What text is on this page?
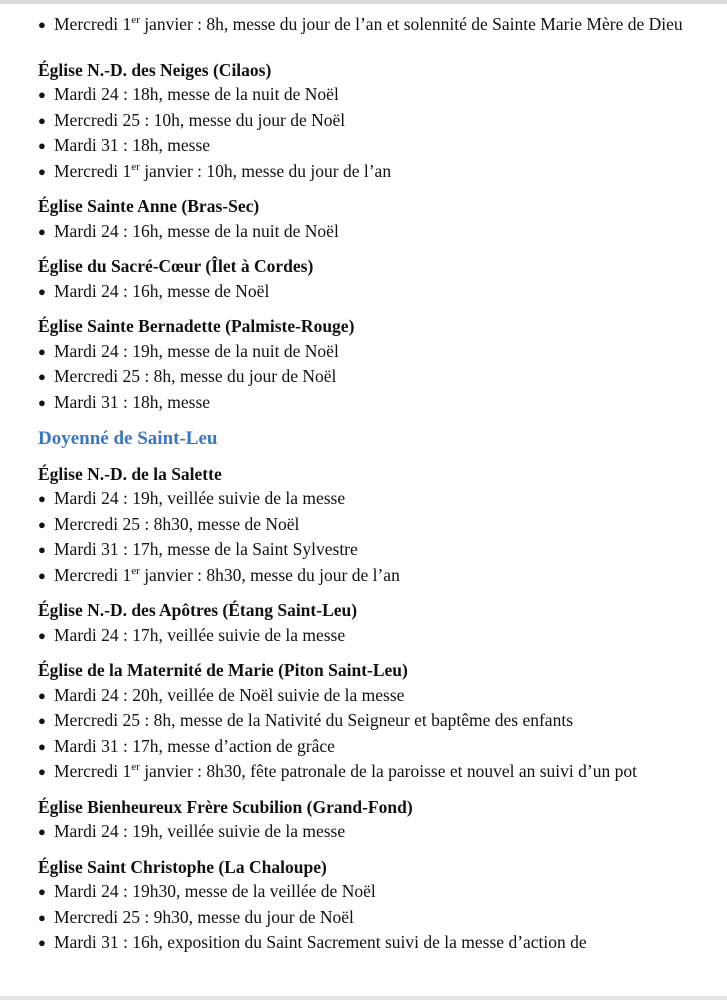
● Mercredi 1er janvier : 8h, messe du jour de l’an et solennité de Sainte Marie Mère de Dieu
Église N.-D. des Neiges (Cilaos)
● Mardi 24 : 18h, messe de la nuit de Noël
● Mercredi 25 : 10h, messe du jour de Noël
● Mardi 31 : 18h, messe
● Mercredi 1er janvier : 10h, messe du jour de l’an
Église Sainte Anne (Bras-Sec)
● Mardi 24 : 16h, messe de la nuit de Noël
Église du Sacré-Cœur (Îlet à Cordes)
● Mardi 24 : 16h, messe de Noël
Église Sainte Bernadette (Palmiste-Rouge)
● Mardi 24 : 19h, messe de la nuit de Noël
● Mercredi 25 : 8h, messe du jour de Noël
● Mardi 31 : 18h, messe
Doyenné de Saint-Leu
Église N.-D. de la Salette
● Mardi 24 : 19h, veillée suivie de la messe
● Mercredi 25 : 8h30, messe de Noël
● Mardi 31 : 17h, messe de la Saint Sylvestre
● Mercredi 1er janvier : 8h30, messe du jour de l’an
Église N.-D. des Apôtres (Étang Saint-Leu)
● Mardi 24 : 17h, veillée suivie de la messe
Église de la Maternité de Marie (Piton Saint-Leu)
● Mardi 24 : 20h, veillée de Noël suivie de la messe
● Mercredi 25 : 8h, messe de la Nativité du Seigneur et baptême des enfants
● Mardi 31 : 17h, messe d’action de grâce
● Mercredi 1er janvier : 8h30, fête patronale de la paroisse et nouvel an suivi d’un pot
Église Bienheureux Frère Scubilion (Grand-Fond)
● Mardi 24 : 19h, veillée suivie de la messe
Église Saint Christophe (La Chaloupe)
● Mardi 24 : 19h30, messe de la veillée de Noël
● Mercredi 25 : 9h30, messe du jour de Noël
● Mardi 31 : 16h, exposition du Saint Sacrement suivi de la messe d’action de
